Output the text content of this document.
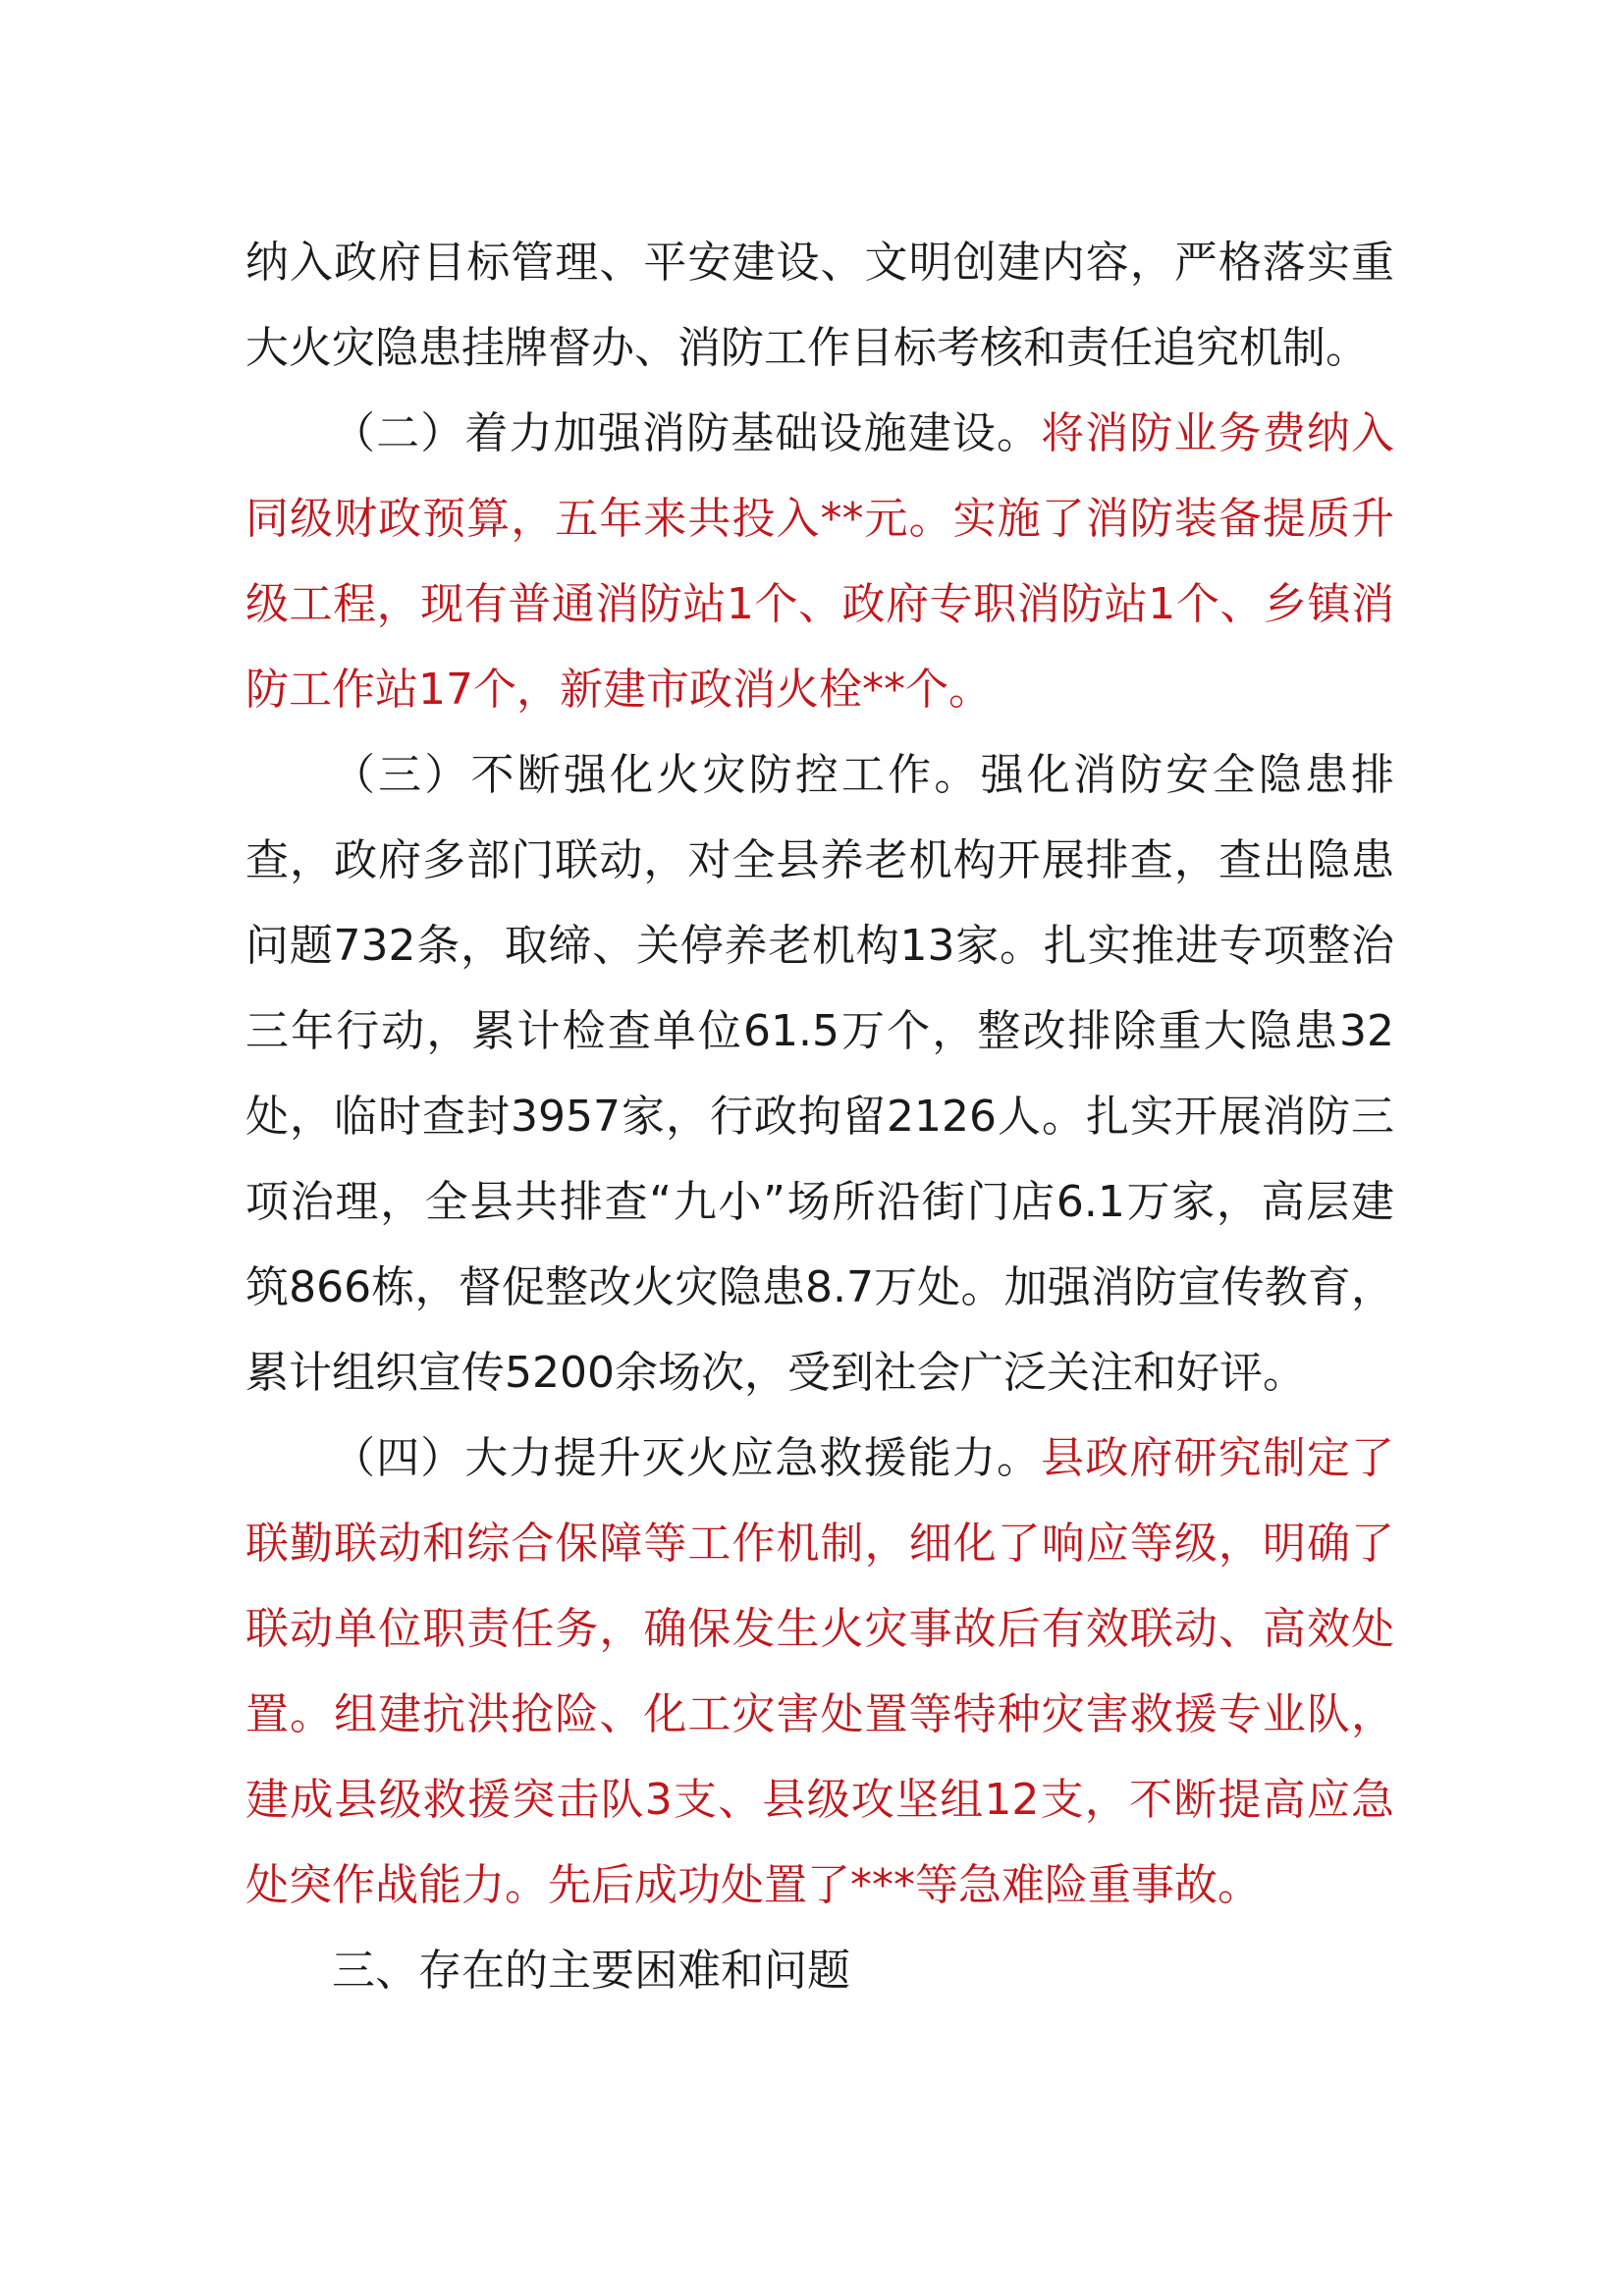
纳入政府目标管理、平安建设、文明创建内容，严格落实重大火灾隐患挂牌督办、消防工作目标考核和责任追究机制。

（二）着力加强消防基础设施建设。将消防业务费纳入同级财政预算，五年来共投入**元。实施了消防装备提质升级工程，现有普通消防站1个、政府专职消防站1个、乡镇消防工作站17个，新建市政消火栓**个。

（三）不断强化火灾防控工作。强化消防安全隐患排查，政府多部门联动，对全县养老机构开展排查，查出隐患问题732条，取缔、关停养老机构13家。扎实推进专项整治三年行动，累计检查单位61.5万个，整改排除重大隐患32处，临时查封3957家，行政拘留2126人。扎实开展消防三项治理，全县共排查“九小”场所沿街门店6.1万家，高层建筑866栋，督促整改火灾隐患8.7万处。加强消防宣传教育，累计组织宣传5200余场次，受到社会广泛关注和好评。

（四）大力提升灭火应急救援能力。县政府研究制定了联勤联动和综合保障等工作机制，细化了响应等级，明确了联动单位职责任务，确保发生火灾事故后有效联动、高效处置。组建抗洪抢险、化工灾害处置等特种灾害救援专业队，建成县级救援突击队3支、县级攻坚组12支，不断提高应急处突作战能力。先后成功处置了***等急难险重事故。

三、存在的主要困难和问题
